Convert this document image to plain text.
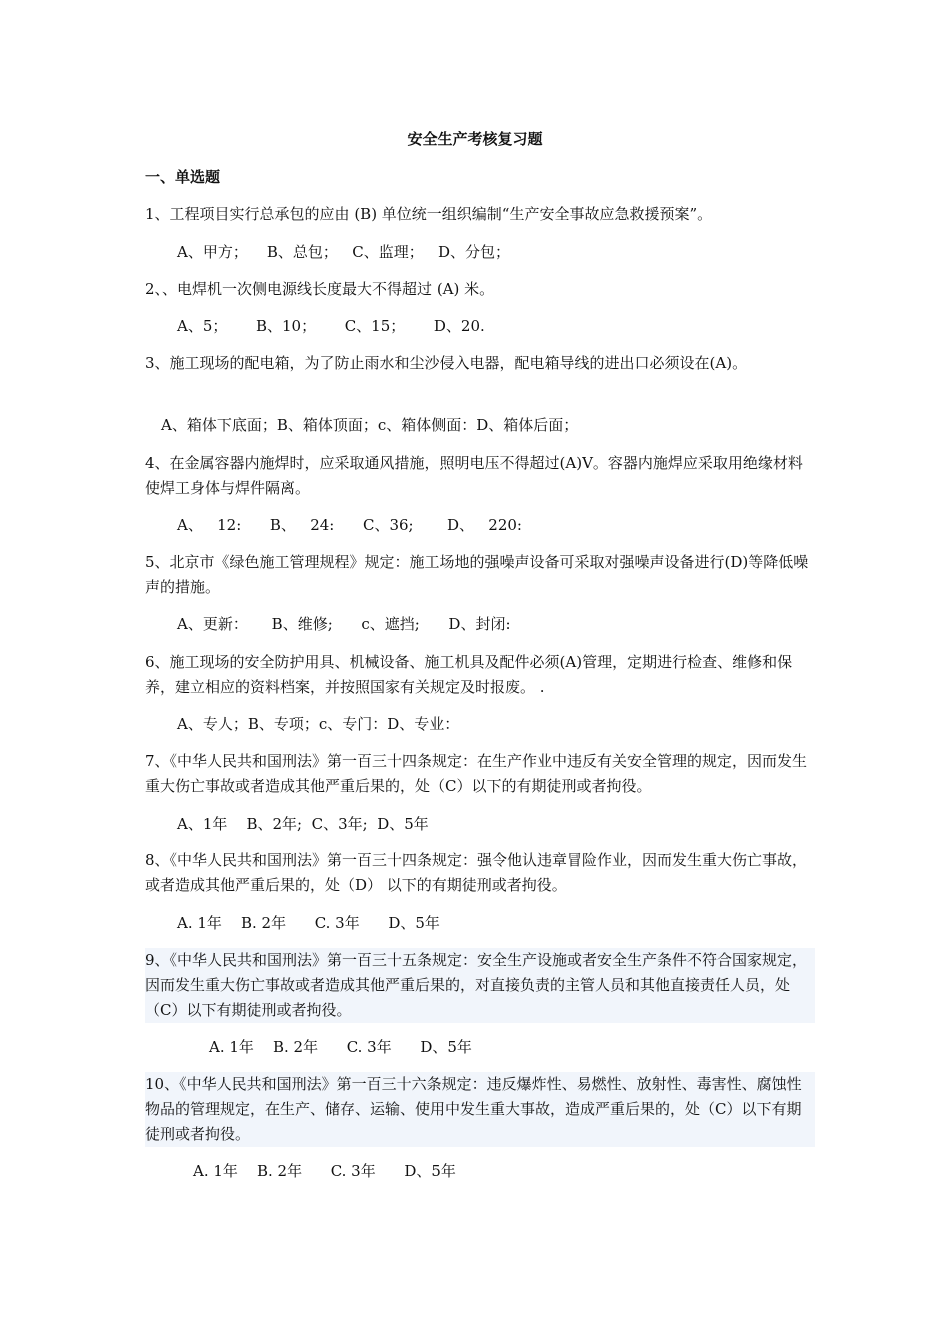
安全生产考核复习题
一、单选题

1、工程项目实行总承包的应由 (B) 单位统一组织编制“生产安全事故应急救援预案”。

A、甲方；    B、总包；   C、监理；   D、分包；

2、、电焊机一次侧电源线长度最大不得超过 (A) 米。

A、5；      B、10；      C、15；      D、20.

3、施工现场的配电箱，为了防止雨水和尘沙侵入电器，配电箱导线的进出口必须设在(A)。

A、箱体下底面；B、箱体顶面；c、箱体侧面：D、箱体后面；

4、在金属容器内施焊时，应采取通风措施，照明电压不得超过(A)V。容器内施焊应采取用绝缘材料使焊工身体与焊件隔离。

A、   12:      B、   24:      C、36;       D、   220:

5、北京市《绿色施工管理规程》规定：施工场地的强噪声设备可采取对强噪声设备进行(D)等降低噪声的措施。

A、更新：     B、维修;      c、遮挡;      D、封闭:

6、施工现场的安全防护用具、机械设备、施工机具及配件必须(A)管理，定期进行检查、维修和保养，建立相应的资料档案，并按照国家有关规定及时报废。 .

A、专人；B、专项；c、专门：D、专业：

7、《中华人民共和国刑法》第一百三十四条规定：在生产作业中违反有关安全管理的规定，因而发生重大伤亡事故或者造成其他严重后果的，处（C）以下的有期徒刑或者拘役。

A、1年    B、2年;  C、3年;  D、5年

8、《中华人民共和国刑法》第一百三十四条规定：强令他认违章冒险作业，因而发生重大伤亡事故，或者造成其他严重后果的，处（D） 以下的有期徒刑或者拘役。

A. 1年    B. 2年      C. 3年      D、5年

9、《中华人民共和国刑法》第一百三十五条规定：安全生产设施或者安全生产条件不符合国家规定，因而发生重大伤亡事故或者造成其他严重后果的，对直接负责的主管人员和其他直接责任人员，处（C）以下有期徒刑或者拘役。

A. 1年    B. 2年      C. 3年      D、5年

10、《中华人民共和国刑法》第一百三十六条规定：违反爆炸性、易燃性、放射性、毒害性、腐蚀性物品的管理规定，在生产、储存、运输、使用中发生重大事故，造成严重后果的，处（C）以下有期徒刑或者拘役。

A. 1年    B. 2年      C. 3年      D、5年
